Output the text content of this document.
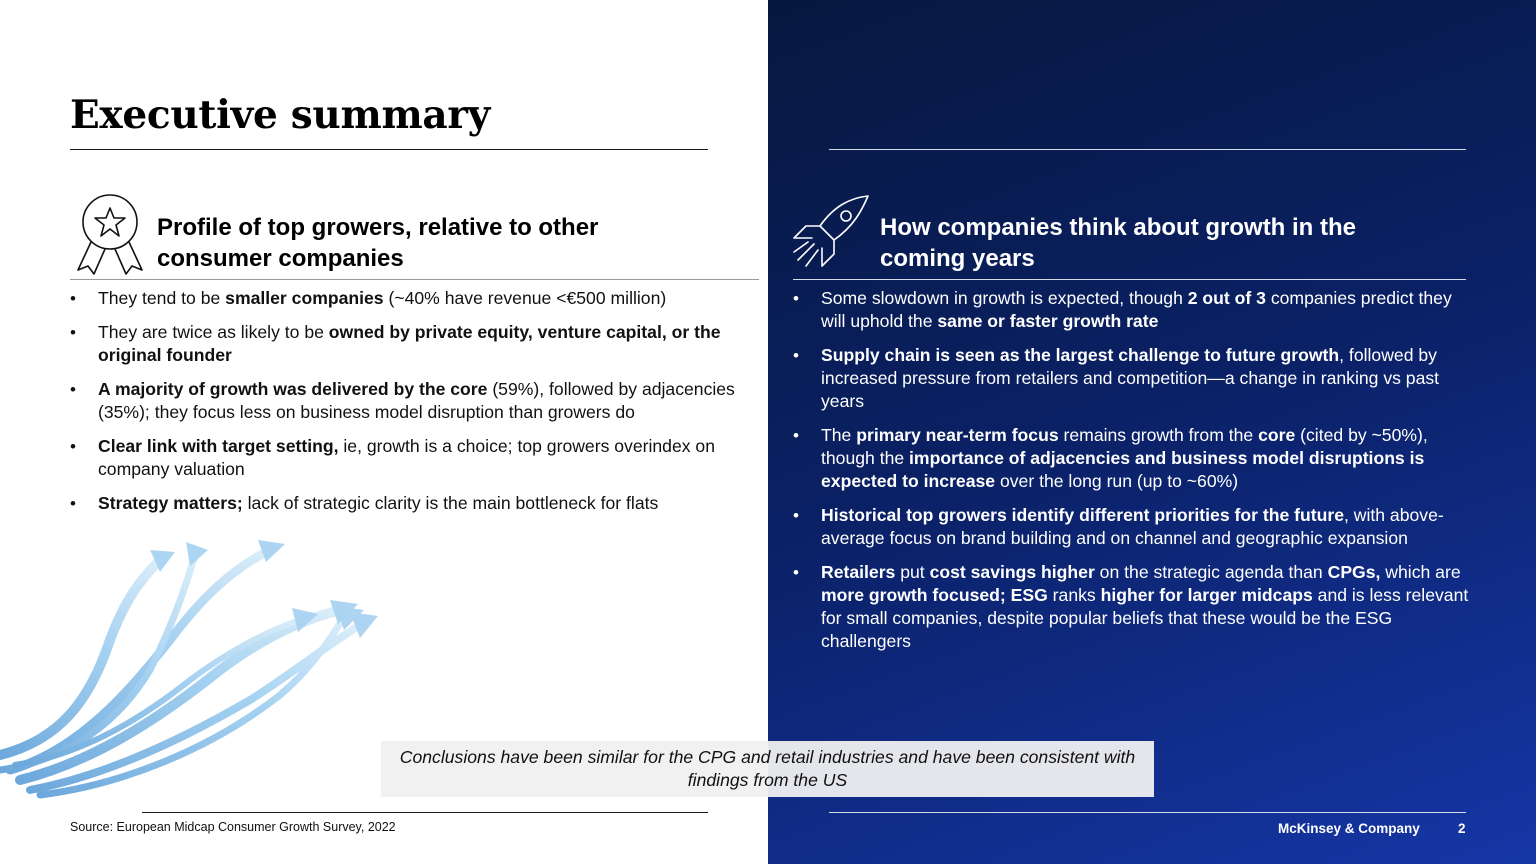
Executive summary
Profile of top growers, relative to other
consumer companies
• They tend to be smaller companies (~40% have revenue <€500 million)
• They are twice as likely to be owned by private equity, venture capital, or the original founder
• A majority of growth was delivered by the core (59%), followed by adjacencies (35%); they focus less on business model disruption than growers do
• Clear link with target setting, ie, growth is a choice; top growers overindex on company valuation
• Strategy matters; lack of strategic clarity is the main bottleneck for flats
How companies think about growth in the
coming years
• Some slowdown in growth is expected, though 2 out of 3 companies predict they will uphold the same or faster growth rate
• Supply chain is seen as the largest challenge to future growth, followed by increased pressure from retailers and competition—a change in ranking vs past years
• The primary near-term focus remains growth from the core (cited by ~50%), though the importance of adjacencies and business model disruptions is expected to increase over the long run (up to ~60%)
• Historical top growers identify different priorities for the future, with above-average focus on brand building and on channel and geographic expansion
• Retailers put cost savings higher on the strategic agenda than CPGs, which are more growth focused; ESG ranks higher for larger midcaps and is less relevant for small companies, despite popular beliefs that these would be the ESG challengers
Conclusions have been similar for the CPG and retail industries and have been consistent with findings from the US
Source: European Midcap Consumer Growth Survey, 2022	McKinsey & Company	2
